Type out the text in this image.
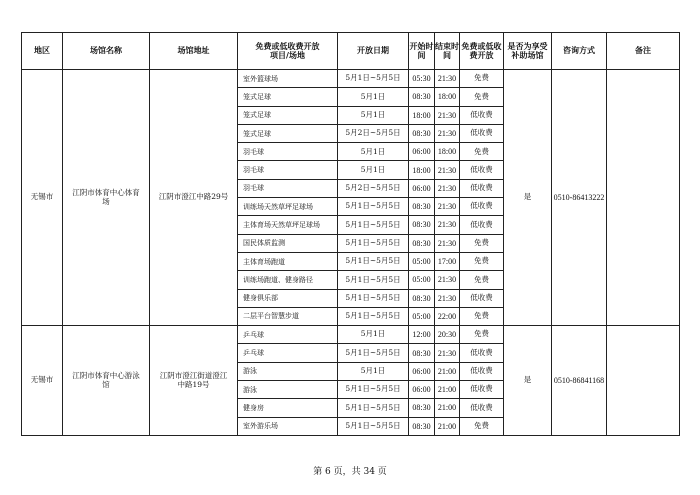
地区	场馆名称	场馆地址	免费或低收费开放项目/场地	开放日期	开始时间	结束时间	免费或低收费开放	是否为享受补助场馆	咨询方式	备注
无锡市	江阴市体育中心体育场	江阴市澄江中路29号	室外篮球场	5月1日~5月5日	05:30	21:30	免费	是	0510-86413222	
			笼式足球	5月1日	08:30	18:00	免费			
			笼式足球	5月1日	18:00	21:30	低收费			
			笼式足球	5月2日~5月5日	08:30	21:30	低收费			
			羽毛球	5月1日	06:00	18:00	免费			
			羽毛球	5月1日	18:00	21:30	低收费			
			羽毛球	5月2日~5月5日	06:00	21:30	低收费			
			训练场天然草坪足球场	5月1日~5月5日	08:30	21:30	低收费			
			主体育场天然草坪足球场	5月1日~5月5日	08:30	21:30	低收费			
			国民体质监测	5月1日~5月5日	08:30	21:30	免费			
			主体育场跑道	5月1日~5月5日	05:00	17:00	免费			
			训练场跑道、健身路径	5月1日~5月5日	05:00	21:30	免费			
			健身俱乐部	5月1日~5月5日	08:30	21:30	低收费			
			二层平台智慧步道	5月1日~5月5日	05:00	22:00	免费			
无锡市	江阴市体育中心游泳馆	江阴市澄江街道澄江中路19号	乒乓球	5月1日	12:00	20:30	免费	是	0510-86841168	
			乒乓球	5月1日~5月5日	08:30	21:30	低收费			
			游泳	5月1日	06:00	21:00	低收费			
			游泳	5月1日~5月5日	06:00	21:00	低收费			
			健身房	5月1日~5月5日	08:30	21:00	低收费			
			室外游乐场	5月1日~5月5日	08:30	21:00	免费			
第 6 页，共 34 页
